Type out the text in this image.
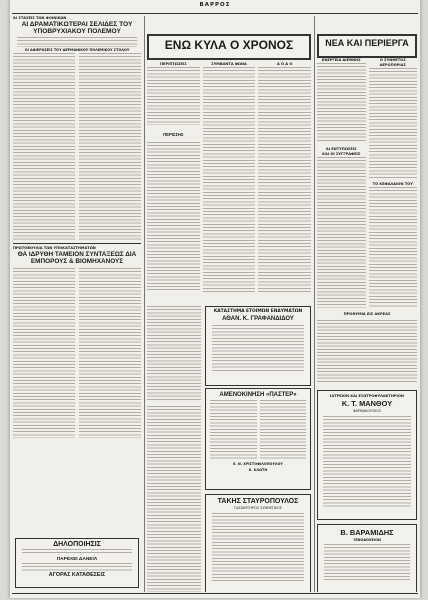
ΒΑΡΡΟΣ

ΑΙ ΣΤΑΣΕΙΣ ΤΩΝ ΦΟΙΝΙΚΩΝ

ΑΙ ΔΡΑΜΑΤΙΚΩΤΕΡΑΙ ΣΕΛΙΔΕΣ ΤΟΥ ΥΠΟΒΡΥΧΙΑΚΟΥ ΠΟΛΕΜΟΥ
ΟΙ ΑΦΙΕΡΩΣΕΙΣ ΤΟΥ ΔΕΡΜΑΝΙΚΟΥ ΠΟΛΕΜΙΚΟΥ ΣΤΟΛΟΥ

ΠΡΩΤΟΒΟΥΛΙΑ ΤΩΝ ΥΠΟΚΑΤΑΣΤΗΜΑΤΩΝ

ΘΑ ΙΔΡΥΘΗ ΤΑΜΕΙΟΝ ΣΥΝΤΑΞΕΩΣ ΔΙΑ ΕΜΠΟΡΟΥΣ & ΒΙΟΜΗΧΑΝΟΥΣ
ΔΗΛΟΠΟΙΗΣΙΣ
ΠΑΡΕΧΕΙ ΔΑΝΕΙΑ
ΑΓΟΡΑΣ ΚΑΤΑΘΕΣΕΙΣ
ΕΝΩ ΚΥΛΑ Ο ΧΡΟΝΟΣ

ΠΕΡΙΠΤΩΣΕΙΣ

ΠΕΡΙΣΣΗΣ

ΣΥΜΒΑΝΤΑ ΦΩΝΑ	Α Ο Δ Ο

ΚΑΤΑΣΤΗΜΑ ΕΤΟΙΜΩΝ ΕΝΔΥΜΑΤΩΝ
ΑΘΑΝ. Κ. ΓΡΑΦΑΝΔΙΔΟΥ
ΑΜΕΝΟΚΙΝΗΣΗ «ΠΑΣΤΕΡ»
Ε. Ν. ΧΡΙΣΤΟΦΙΛΟΠΟΥΛΟΥ
Κ. ΚΛΩΤΗ
ΤΑΚΗΣ ΣΤΑΥΡΟΠΟΥΛΟΣ
ΓΑΖΑΝΤΟΥΡΟΣ ΣΥΝΘΕΤΙΚΟΣ
ΝΕΑ ΚΑΙ ΠΕΡΙΕΡΓΑ

ΕΝΕΡΓΕΙΑ ΔΙΕΘΝΗΣ

ΑΙ ΕΝΤΥΠΩΣΕΙΣ

ΚΑΙ ΟΙ ΣΥΓΓΡΑΦΕΙΣ

Ο ΣΥΝΘΕΤΟΣ ΑΕΡΟΠΟΡΙΑΣ

ΤΟ ΚΕΦΑΛΑΙΟΝ ΤΟΥ

ΠΡΟΘΥΜΙΑ ΕΙΣ ΑΚΡΕΑΣ

ΙΑΤΡΕΙΟΝ ΚΑΙ ΕΞΩΤΡΟΦΥΛΑΚΤΗΡΙΟΝ
Κ. Τ. ΜΑΝΘΟΥ
ΦΑΡΜΑΚΟΠΟΙΟΣ
Β. ΒΑΡΑΜΙΔΗΣ
ΞΕΝΟΔΟΧΕΙΟΝ
